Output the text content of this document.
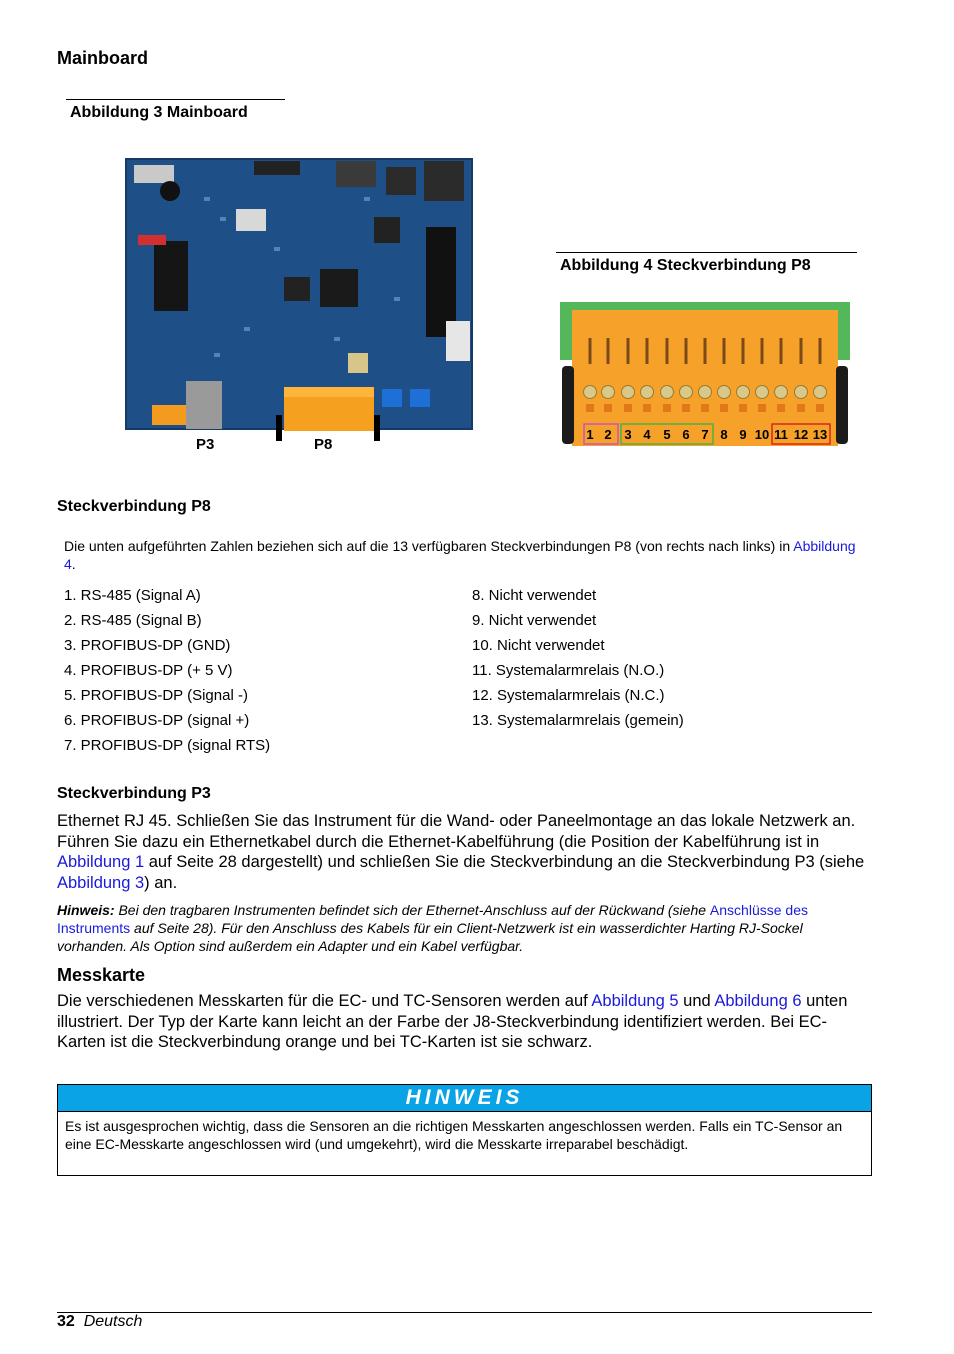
Mainboard
Abbildung 3 Mainboard
P3	P8
Abbildung 4 Steckverbindung P8
1 2 3 4 5 6 7 8 9 10 11 12 13
Steckverbindung P8
Die unten aufgeführten Zahlen beziehen sich auf die 13 verfügbaren Steckverbindungen P8 (von rechts nach links) in Abbildung 4.
1. RS-485 (Signal A)
2. RS-485 (Signal B)
3. PROFIBUS-DP (GND)
4. PROFIBUS-DP (+ 5 V)
5. PROFIBUS-DP (Signal -)
6. PROFIBUS-DP (signal +)
7. PROFIBUS-DP (signal RTS)
8. Nicht verwendet
9. Nicht verwendet
10. Nicht verwendet
11. Systemalarmrelais (N.O.)
12. Systemalarmrelais (N.C.)
13. Systemalarmrelais (gemein)
Steckverbindung P3
Ethernet RJ 45. Schließen Sie das Instrument für die Wand- oder Paneelmontage an das lokale Netzwerk an. Führen Sie dazu ein Ethernetkabel durch die Ethernet-Kabelführung (die Position der Kabelführung ist in Abbildung 1 auf Seite 28 dargestellt) und schließen Sie die Steckverbindung an die Steckverbindung P3 (siehe Abbildung 3) an.
Hinweis: Bei den tragbaren Instrumenten befindet sich der Ethernet-Anschluss auf der Rückwand (siehe Anschlüsse des Instruments auf Seite 28). Für den Anschluss des Kabels für ein Client-Netzwerk ist ein wasserdichter Harting RJ-Sockel vorhanden. Als Option sind außerdem ein Adapter und ein Kabel verfügbar.
Messkarte
Die verschiedenen Messkarten für die EC- und TC-Sensoren werden auf Abbildung 5 und Abbildung 6 unten illustriert. Der Typ der Karte kann leicht an der Farbe der J8-Steckverbindung identifiziert werden. Bei EC-Karten ist die Steckverbindung orange und bei TC-Karten ist sie schwarz.
HINWEIS
Es ist ausgesprochen wichtig, dass die Sensoren an die richtigen Messkarten angeschlossen werden. Falls ein TC-Sensor an eine EC-Messkarte angeschlossen wird (und umgekehrt), wird die Messkarte irreparabel beschädigt.
32 Deutsch
